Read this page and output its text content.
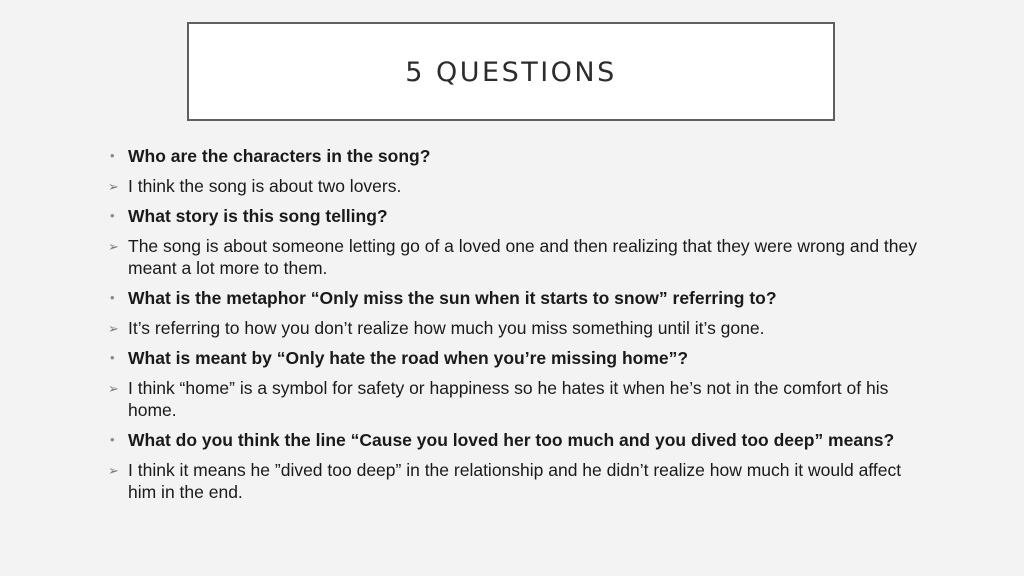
5 QUESTIONS
• Who are the characters in the song?
➢ I think the song is about two lovers.
• What story is this song telling?
➢ The song is about someone letting go of a loved one and then realizing that they were wrong and they meant a lot more to them.
• What is the metaphor “Only miss the sun when it starts to snow” referring to?
➢ It’s referring to how you don’t realize how much you miss something until it’s gone.
• What is meant by “Only hate the road when you’re missing home”?
➢ I think “home” is a symbol for safety or happiness so he hates it when he’s not in the comfort of his home.
• What do you think the line “Cause you loved her too much and you dived too deep” means?
➢ I think it means he ”dived too deep” in the relationship and he didn’t realize how much it would affect him in the end.
